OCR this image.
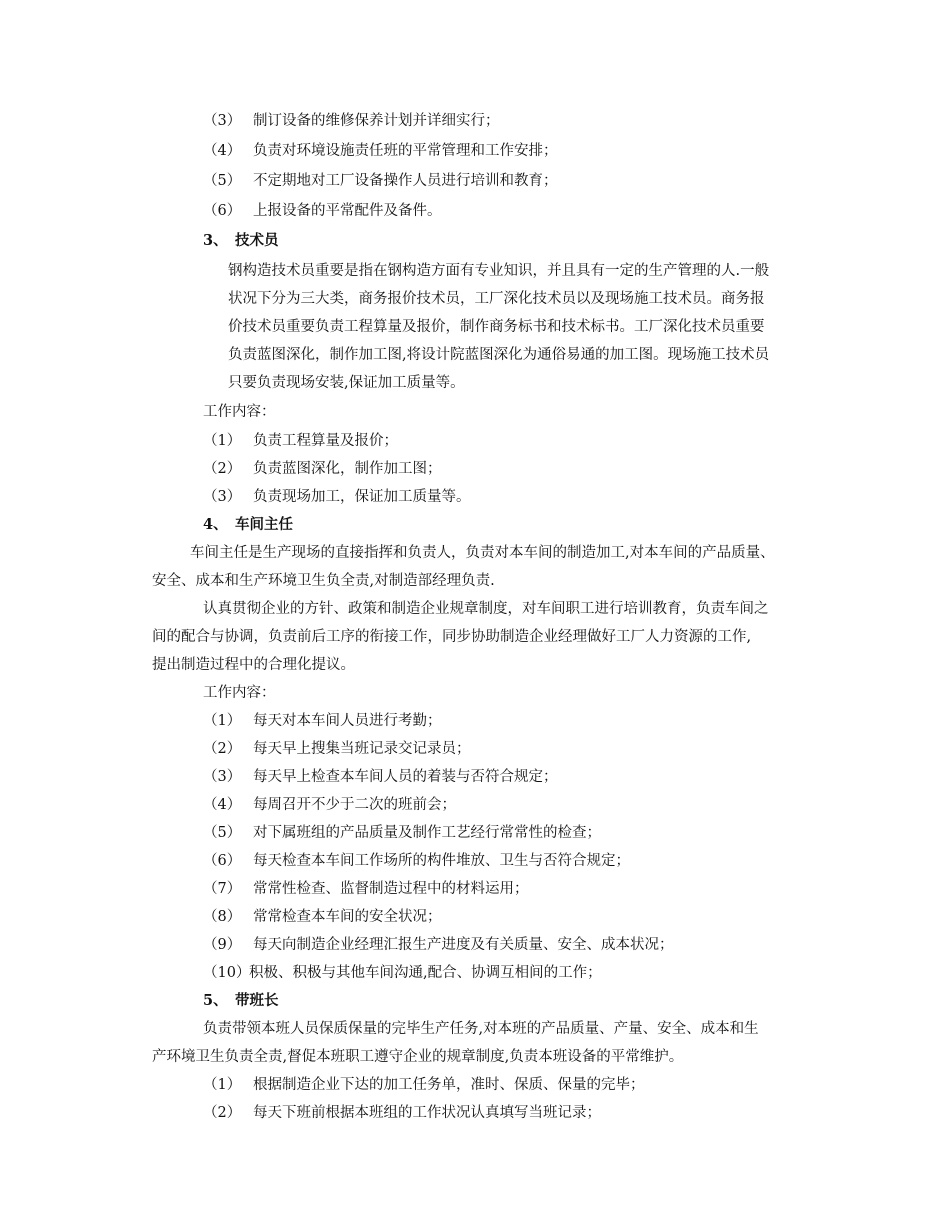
（3） 制订设备的维修保养计划并详细实行；
（4） 负责对环境设施责任班的平常管理和工作安排；
（5） 不定期地对工厂设备操作人员进行培训和教育；
（6） 上报设备的平常配件及备件。
3、 技术员
钢构造技术员重要是指在钢构造方面有专业知识，并且具有一定的生产管理的人.一般
状况下分为三大类，商务报价技术员，工厂深化技术员以及现场施工技术员。商务报
价技术员重要负责工程算量及报价，制作商务标书和技术标书。工厂深化技术员重要
负责蓝图深化，制作加工图,将设计院蓝图深化为通俗易通的加工图。现场施工技术员
只要负责现场安装,保证加工质量等。
工作内容：
（1） 负责工程算量及报价；
（2） 负责蓝图深化，制作加工图；
（3） 负责现场加工，保证加工质量等。
4、 车间主任
车间主任是生产现场的直接指挥和负责人，负责对本车间的制造加工,对本车间的产品质量、
安全、成本和生产环境卫生负全责,对制造部经理负责.
认真贯彻企业的方针、政策和制造企业规章制度，对车间职工进行培训教育，负责车间之
间的配合与协调，负责前后工序的衔接工作，同步协助制造企业经理做好工厂人力资源的工作,
提出制造过程中的合理化提议。
工作内容：
（1） 每天对本车间人员进行考勤；
（2） 每天早上搜集当班记录交记录员；
（3） 每天早上检查本车间人员的着装与否符合规定；
（4） 每周召开不少于二次的班前会；
（5） 对下属班组的产品质量及制作工艺经行常常性的检查；
（6） 每天检查本车间工作场所的构件堆放、卫生与否符合规定；
（7） 常常性检查、监督制造过程中的材料运用；
（8） 常常检查本车间的安全状况；
（9） 每天向制造企业经理汇报生产进度及有关质量、安全、成本状况；
（10）积极、积极与其他车间沟通,配合、协调互相间的工作；
5、 带班长
负责带领本班人员保质保量的完毕生产任务,对本班的产品质量、产量、安全、成本和生
产环境卫生负责全责,督促本班职工遵守企业的规章制度,负责本班设备的平常维护。
（1） 根据制造企业下达的加工任务单，准时、保质、保量的完毕；
（2） 每天下班前根据本班组的工作状况认真填写当班记录；
